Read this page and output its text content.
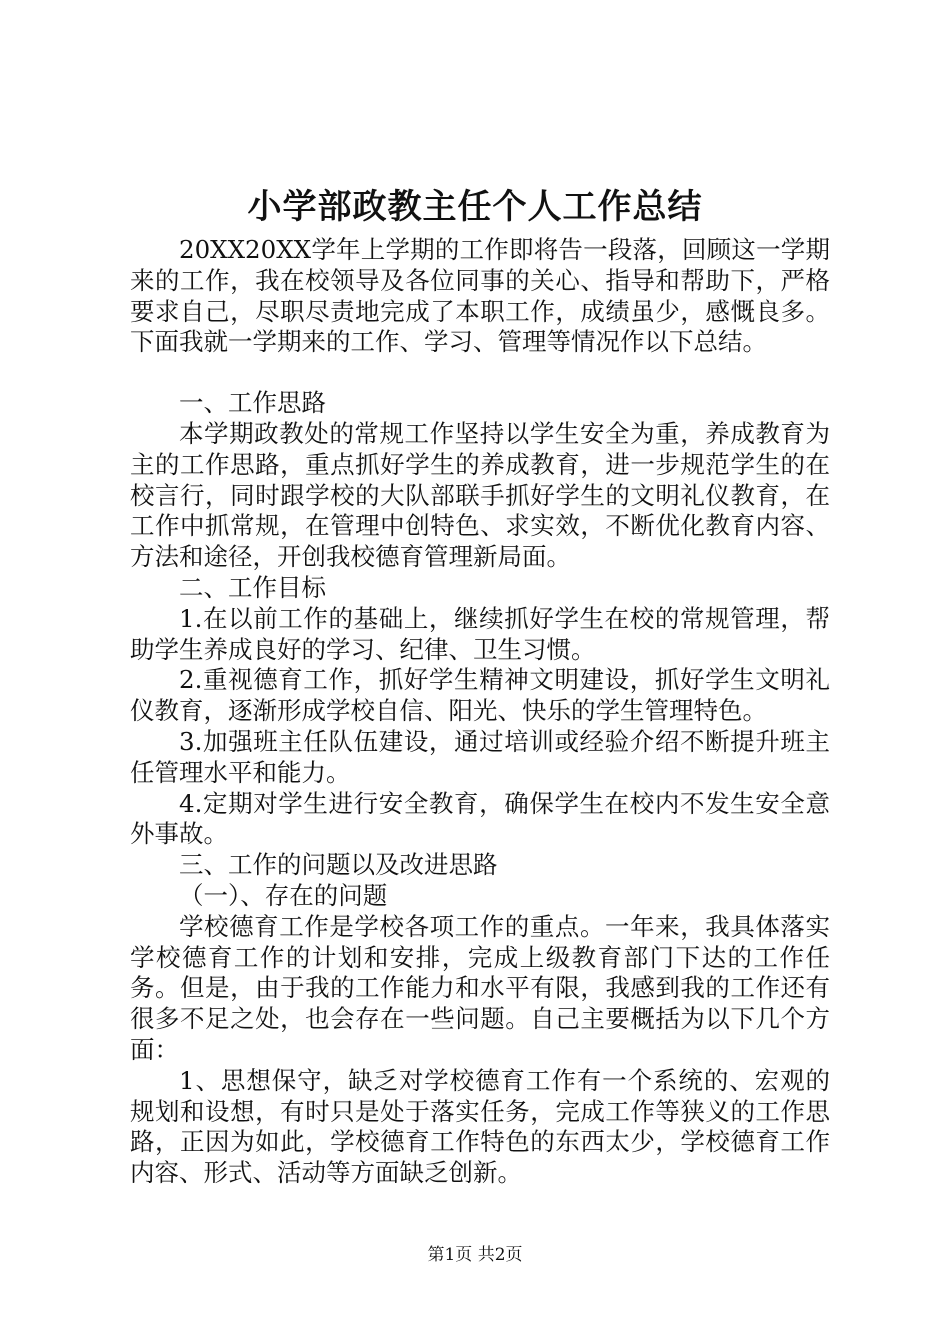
小学部政教主任个人工作总结

20XX20XX学年上学期的工作即将告一段落，回顾这一学期来的工作，我在校领导及各位同事的关心、指导和帮助下，严格要求自己，尽职尽责地完成了本职工作，成绩虽少，感慨良多。下面我就一学期来的工作、学习、管理等情况作以下总结。

一、工作思路

本学期政教处的常规工作坚持以学生安全为重，养成教育为主的工作思路，重点抓好学生的养成教育，进一步规范学生的在校言行，同时跟学校的大队部联手抓好学生的文明礼仪教育，在工作中抓常规，在管理中创特色、求实效，不断优化教育内容、方法和途径，开创我校德育管理新局面。

二、工作目标

1.在以前工作的基础上，继续抓好学生在校的常规管理，帮助学生养成良好的学习、纪律、卫生习惯。

2.重视德育工作，抓好学生精神文明建设，抓好学生文明礼仪教育，逐渐形成学校自信、阳光、快乐的学生管理特色。

3.加强班主任队伍建设，通过培训或经验介绍不断提升班主任管理水平和能力。

4.定期对学生进行安全教育，确保学生在校内不发生安全意外事故。

三、工作的问题以及改进思路

（一）、存在的问题

学校德育工作是学校各项工作的重点。一年来，我具体落实学校德育工作的计划和安排，完成上级教育部门下达的工作任务。但是，由于我的工作能力和水平有限，我感到我的工作还有很多不足之处，也会存在一些问题。自己主要概括为以下几个方面：

1、思想保守，缺乏对学校德育工作有一个系统的、宏观的规划和设想，有时只是处于落实任务，完成工作等狭义的工作思路，正因为如此，学校德育工作特色的东西太少，学校德育工作内容、形式、活动等方面缺乏创新。

第1页 共2页
